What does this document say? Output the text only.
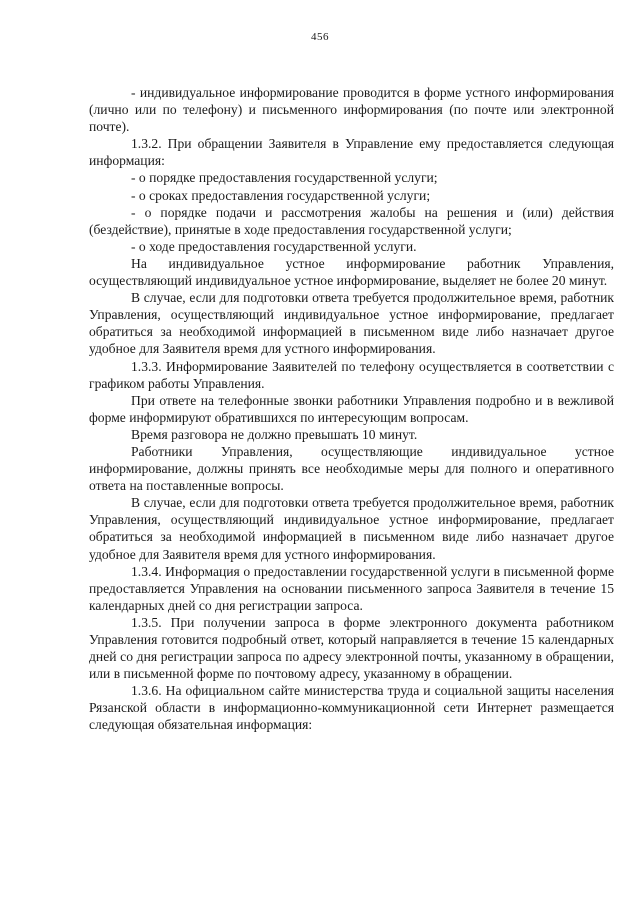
456

- индивидуальное информирование проводится в форме устного информирования (лично или по телефону) и письменного информирования (по почте или электронной почте).

1.3.2. При обращении Заявителя в Управление ему предоставляется следующая информация:

- о порядке предоставления государственной услуги;

- о сроках предоставления государственной услуги;

- о порядке подачи и рассмотрения жалобы на решения и (или) действия (бездействие), принятые в ходе предоставления государственной услуги;

- о ходе предоставления государственной услуги.

На индивидуальное устное информирование работник Управления, осуществляющий индивидуальное устное информирование, выделяет не более 20 минут.

В случае, если для подготовки ответа требуется продолжительное время, работник Управления, осуществляющий индивидуальное устное информирование, предлагает обратиться за необходимой информацией в письменном виде либо назначает другое удобное для Заявителя время для устного информирования.

1.3.3. Информирование Заявителей по телефону осуществляется в соответствии с графиком работы Управления.

При ответе на телефонные звонки работники Управления подробно и в вежливой форме информируют обратившихся по интересующим вопросам.

Время разговора не должно превышать 10 минут.

Работники Управления, осуществляющие индивидуальное устное информирование, должны принять все необходимые меры для полного и оперативного ответа на поставленные вопросы.

В случае, если для подготовки ответа требуется продолжительное время, работник Управления, осуществляющий индивидуальное устное информирование, предлагает обратиться за необходимой информацией в письменном виде либо назначает другое удобное для Заявителя время для устного информирования.

1.3.4. Информация о предоставлении государственной услуги в письменной форме предоставляется Управления на основании письменного запроса Заявителя в течение 15 календарных дней со дня регистрации запроса.

1.3.5. При получении запроса в форме электронного документа работником Управления готовится подробный ответ, который направляется в течение 15 календарных дней со дня регистрации запроса по адресу электронной почты, указанному в обращении, или в письменной форме по почтовому адресу, указанному в обращении.

1.3.6. На официальном сайте министерства труда и социальной защиты населения Рязанской области в информационно-коммуникационной сети Интернет размещается следующая обязательная информация:
